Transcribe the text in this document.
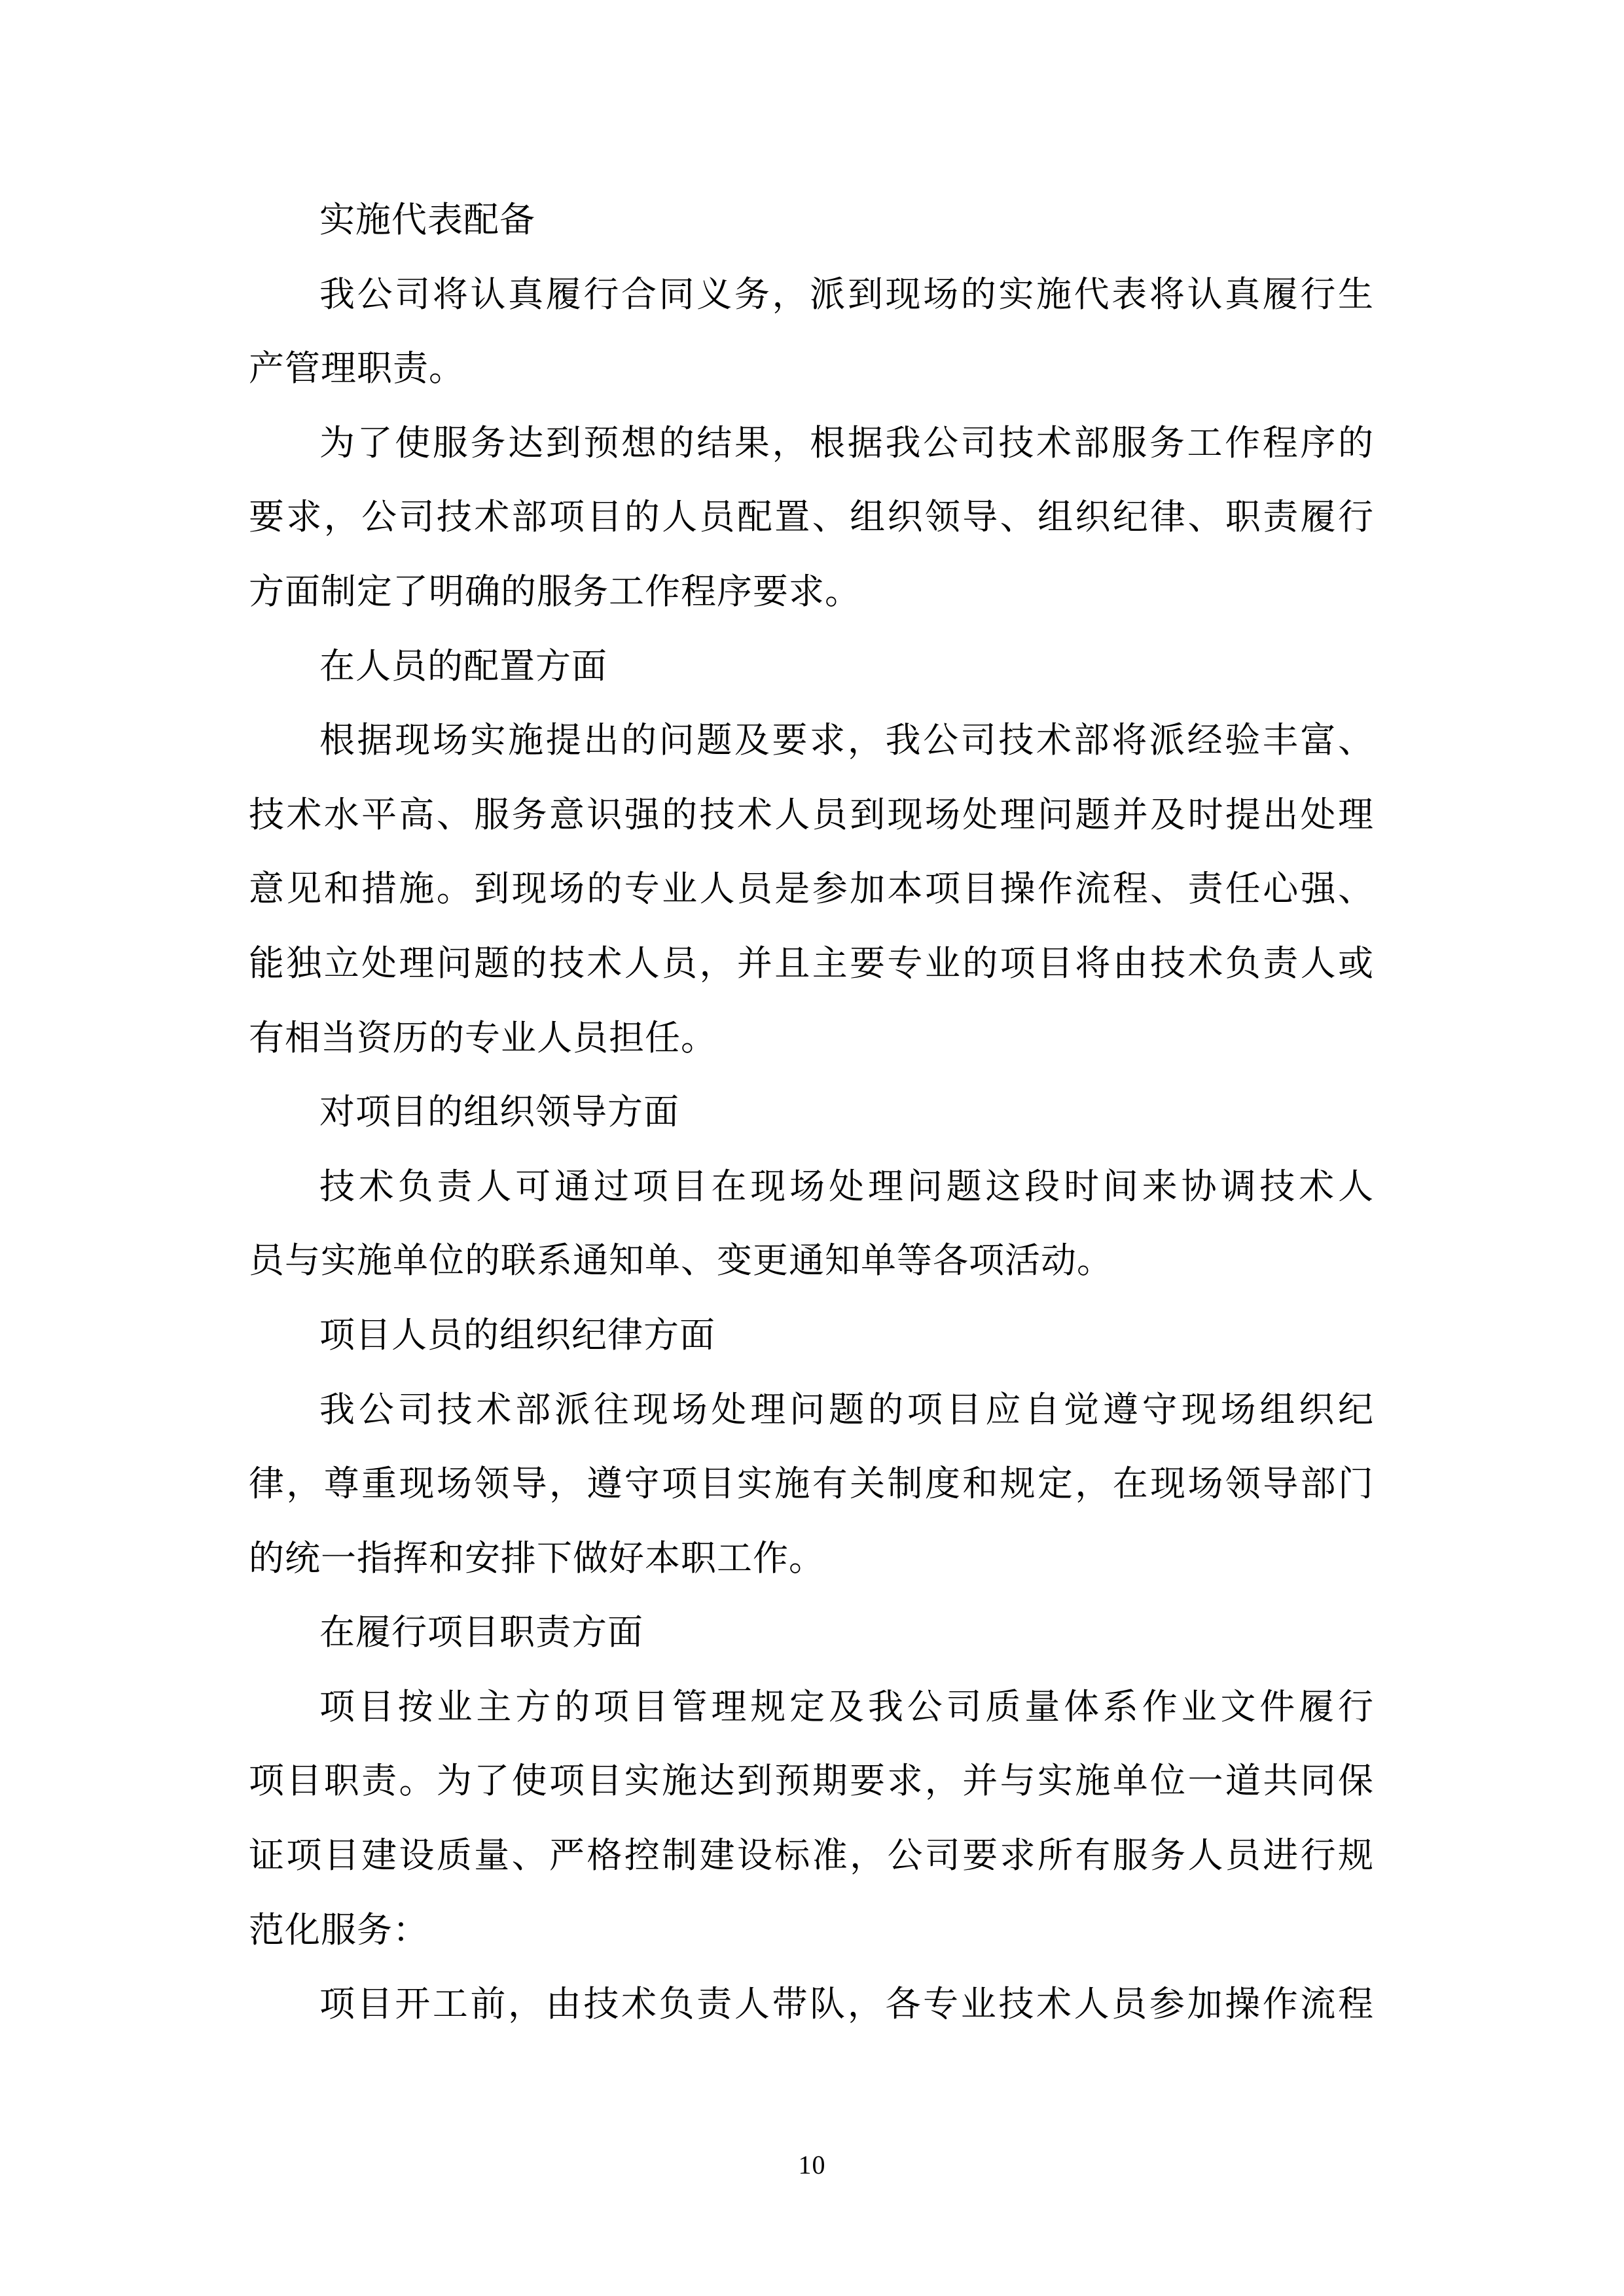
实施代表配备
我公司将认真履行合同义务，派到现场的实施代表将认真履行生
产管理职责。
为了使服务达到预想的结果，根据我公司技术部服务工作程序的
要求，公司技术部项目的人员配置、组织领导、组织纪律、职责履行
方面制定了明确的服务工作程序要求。
在人员的配置方面
根据现场实施提出的问题及要求，我公司技术部将派经验丰富、
技术水平高、服务意识强的技术人员到现场处理问题并及时提出处理
意见和措施。到现场的专业人员是参加本项目操作流程、责任心强、
能独立处理问题的技术人员，并且主要专业的项目将由技术负责人或
有相当资历的专业人员担任。
对项目的组织领导方面
技术负责人可通过项目在现场处理问题这段时间来协调技术人
员与实施单位的联系通知单、变更通知单等各项活动。
项目人员的组织纪律方面
我公司技术部派往现场处理问题的项目应自觉遵守现场组织纪
律，尊重现场领导，遵守项目实施有关制度和规定，在现场领导部门
的统一指挥和安排下做好本职工作。
在履行项目职责方面
项目按业主方的项目管理规定及我公司质量体系作业文件履行
项目职责。为了使项目实施达到预期要求，并与实施单位一道共同保
证项目建设质量、严格控制建设标准，公司要求所有服务人员进行规
范化服务：
项目开工前，由技术负责人带队，各专业技术人员参加操作流程
10
